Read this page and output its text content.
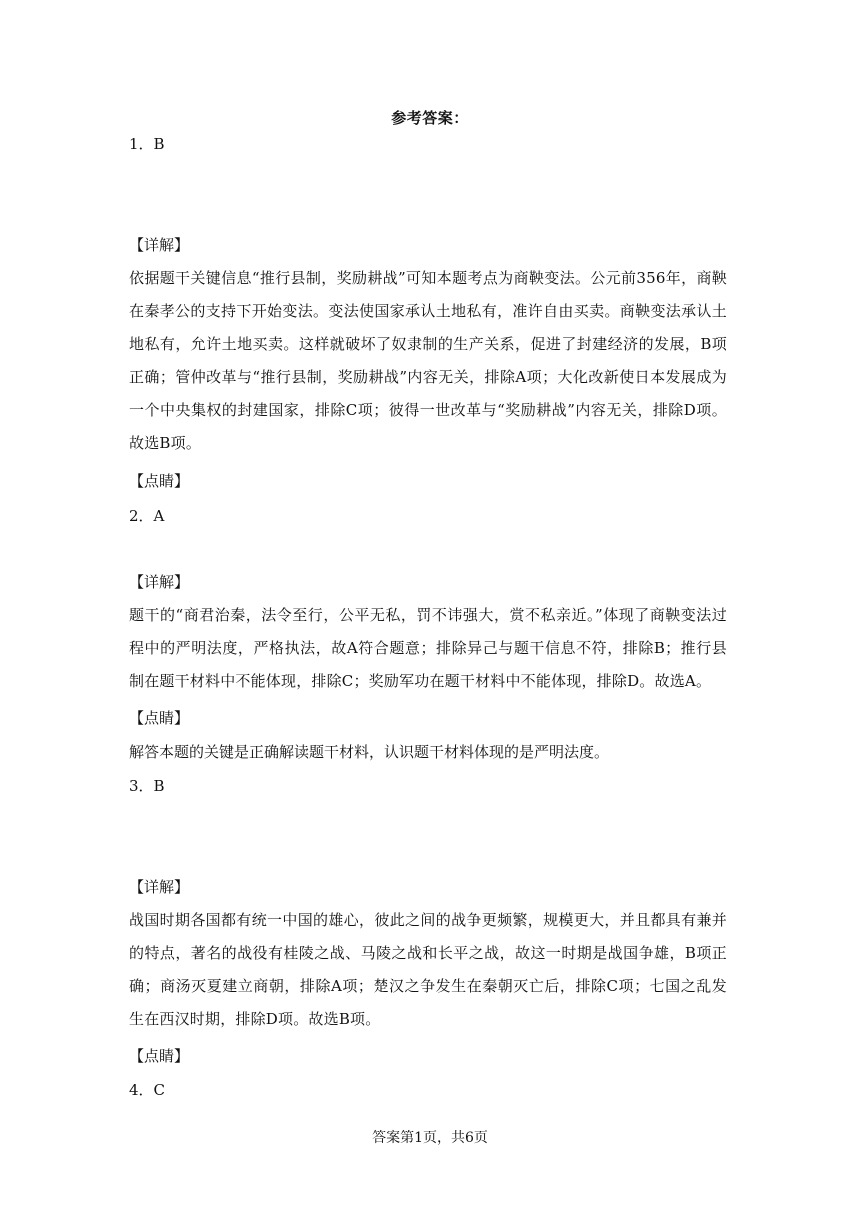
参考答案：
1．B
【详解】
依据题干关键信息“推行县制，奖励耕战”可知本题考点为商鞅变法。公元前356年，商鞅在秦孝公的支持下开始变法。变法使国家承认土地私有，准许自由买卖。商鞅变法承认土地私有，允许土地买卖。这样就破坏了奴隶制的生产关系，促进了封建经济的发展，B项正确；管仲改革与“推行县制，奖励耕战”内容无关，排除A项；大化改新使日本发展成为一个中央集权的封建国家，排除C项；彼得一世改革与“奖励耕战”内容无关，排除D项。故选B项。
【点睛】
2．A
【详解】
题干的“商君治秦，法令至行，公平无私，罚不讳强大，赏不私亲近。”体现了商鞅变法过程中的严明法度，严格执法，故A符合题意；排除异己与题干信息不符，排除B；推行县制在题干材料中不能体现，排除C；奖励军功在题干材料中不能体现，排除D。故选A。
【点睛】
解答本题的关键是正确解读题干材料，认识题干材料体现的是严明法度。
3．B
【详解】
战国时期各国都有统一中国的雄心，彼此之间的战争更频繁，规模更大，并且都具有兼并的特点，著名的战役有桂陵之战、马陵之战和长平之战，故这一时期是战国争雄，B项正确；商汤灭夏建立商朝，排除A项；楚汉之争发生在秦朝灭亡后，排除C项；七国之乱发生在西汉时期，排除D项。故选B项。
【点睛】
4．C
答案第1页，共6页
